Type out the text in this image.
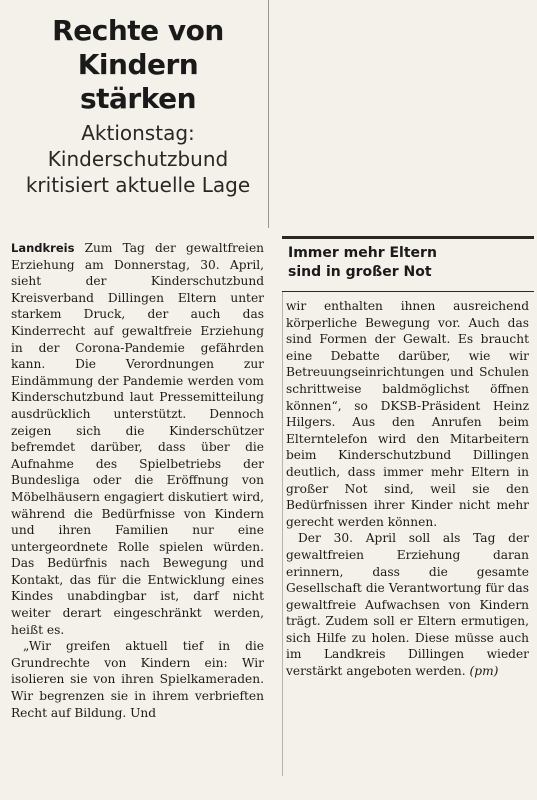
Rechte von
Kindern
stärken
Aktionstag:
Kinderschutzbund
kritisiert aktuelle Lage

Landkreis Zum Tag der gewaltfreien Erziehung am Donnerstag, 30. April, sieht der Kinderschutzbund Kreisverband Dillingen Eltern unter starkem Druck, der auch das Kinderrecht auf gewaltfreie Erziehung in der Corona-Pandemie gefährden kann. Die Verordnungen zur Eindämmung der Pandemie werden vom Kinderschutzbund laut Pressemitteilung ausdrücklich unterstützt. Dennoch zeigen sich die Kinderschützer befremdet darüber, dass über die Aufnahme des Spielbetriebs der Bundesliga oder die Eröffnung von Möbelhäusern engagiert diskutiert wird, während die Bedürfnisse von Kindern und ihren Familien nur eine untergeordnete Rolle spielen würden. Das Bedürfnis nach Bewegung und Kontakt, das für die Entwicklung eines Kindes unabdingbar ist, darf nicht weiter derart eingeschränkt werden, heißt es.

„Wir greifen aktuell tief in die Grundrechte von Kindern ein: Wir isolieren sie von ihren Spielkameraden. Wir begrenzen sie in ihrem verbrieften Recht auf Bildung. Und

Immer mehr Eltern
sind in großer Not

wir enthalten ihnen ausreichend körperliche Bewegung vor. Auch das sind Formen der Gewalt. Es braucht eine Debatte darüber, wie wir Betreuungseinrichtungen und Schulen schrittweise baldmöglichst öffnen können“, so DKSB-Präsident Heinz Hilgers. Aus den Anrufen beim Elterntelefon wird den Mitarbeitern beim Kinderschutzbund Dillingen deutlich, dass immer mehr Eltern in großer Not sind, weil sie den Bedürfnissen ihrer Kinder nicht mehr gerecht werden können.

Der 30. April soll als Tag der gewaltfreien Erziehung daran erinnern, dass die gesamte Gesellschaft die Verantwortung für das gewaltfreie Aufwachsen von Kindern trägt. Zudem soll er Eltern ermutigen, sich Hilfe zu holen. Diese müsse auch im Landkreis Dillingen wieder verstärkt angeboten werden. (pm)
